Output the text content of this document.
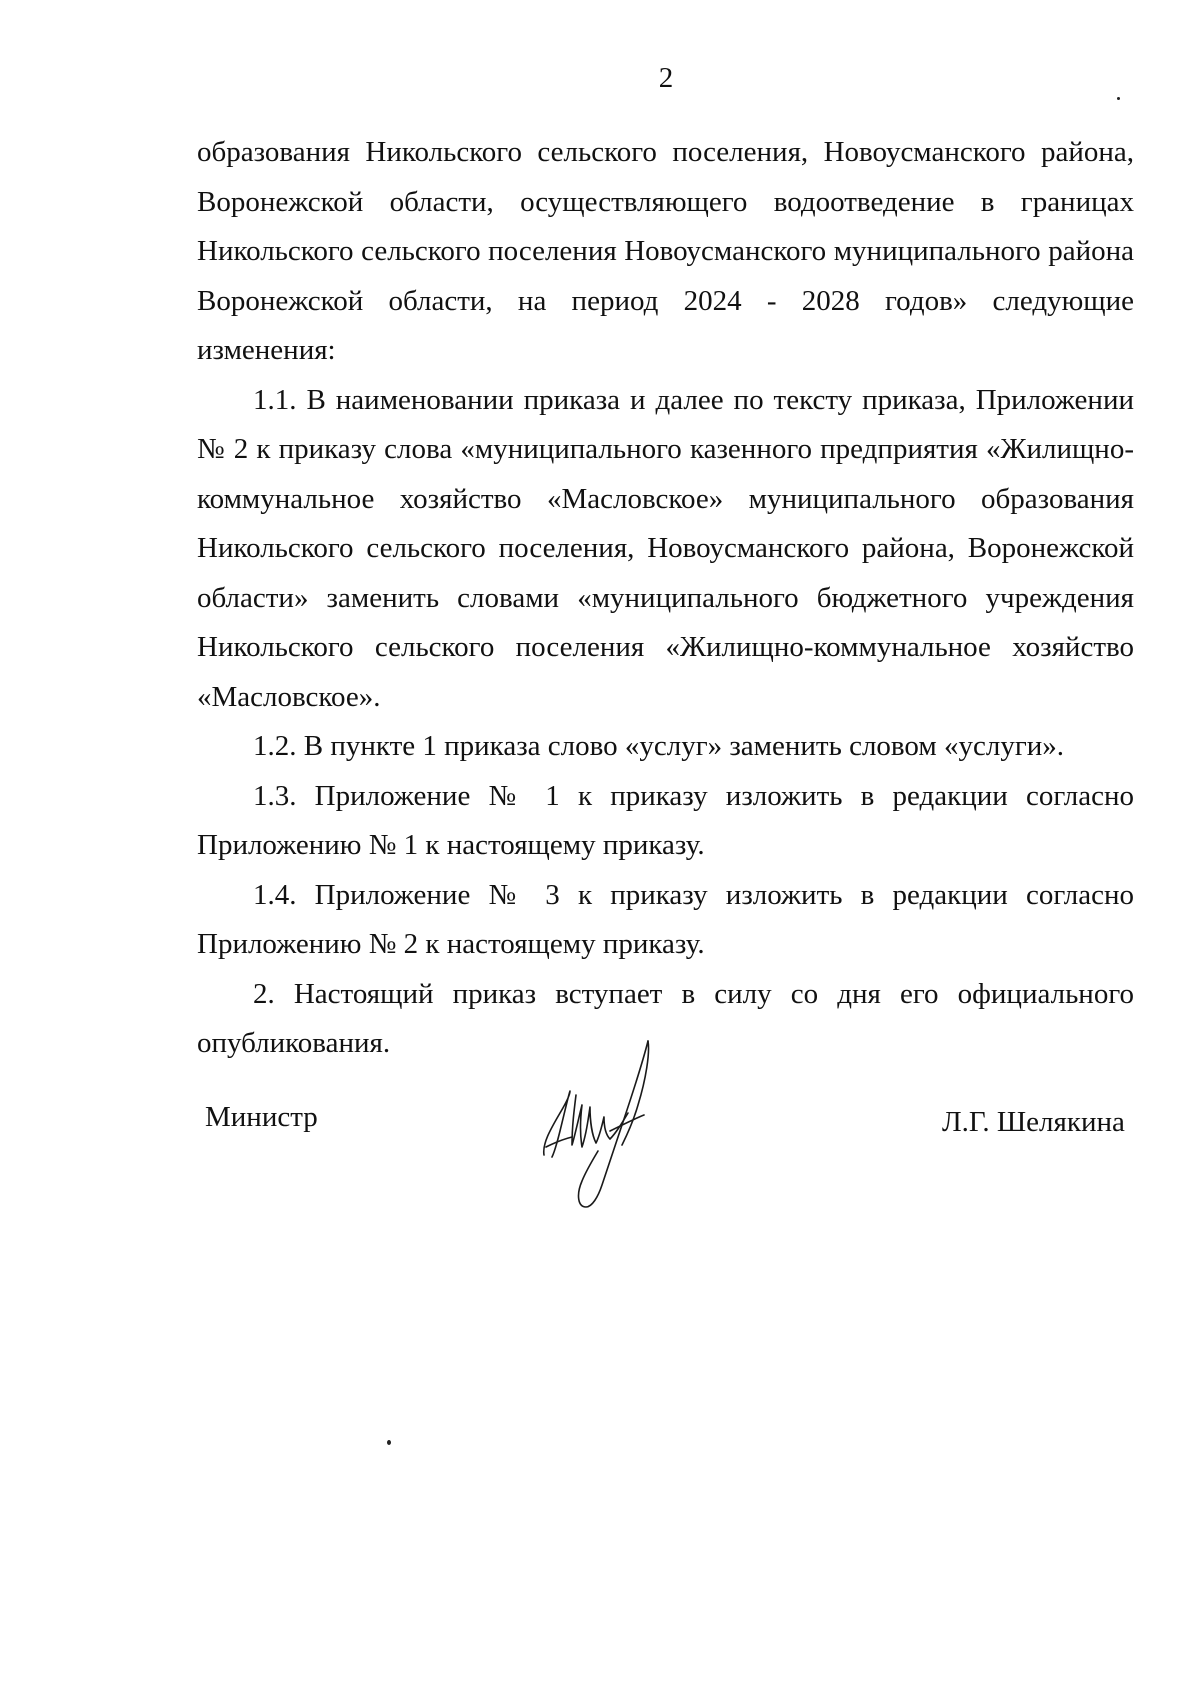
2

образования Никольского сельского поселения, Новоусманского района, Воронежской области, осуществляющего водоотведение в границах Никольского сельского поселения Новоусманского муниципального района Воронежской области, на период 2024 - 2028 годов» следующие изменения:

1.1. В наименовании приказа и далее по тексту приказа, Приложении № 2 к приказу слова «муниципального казенного предприятия «Жилищно-коммунальное хозяйство «Масловское» муниципального образования Никольского сельского поселения, Новоусманского района, Воронежской области» заменить словами «муниципального бюджетного учреждения Никольского сельского поселения «Жилищно-коммунальное хозяйство «Масловское».

1.2. В пункте 1 приказа слово «услуг» заменить словом «услуги».

1.3. Приложение № 1 к приказу изложить в редакции согласно Приложению № 1 к настоящему приказу.

1.4. Приложение № 3 к приказу изложить в редакции согласно Приложению № 2 к настоящему приказу.

2. Настоящий приказ вступает в силу со дня его официального опубликования.

Министр	Л.Г. Шелякина
